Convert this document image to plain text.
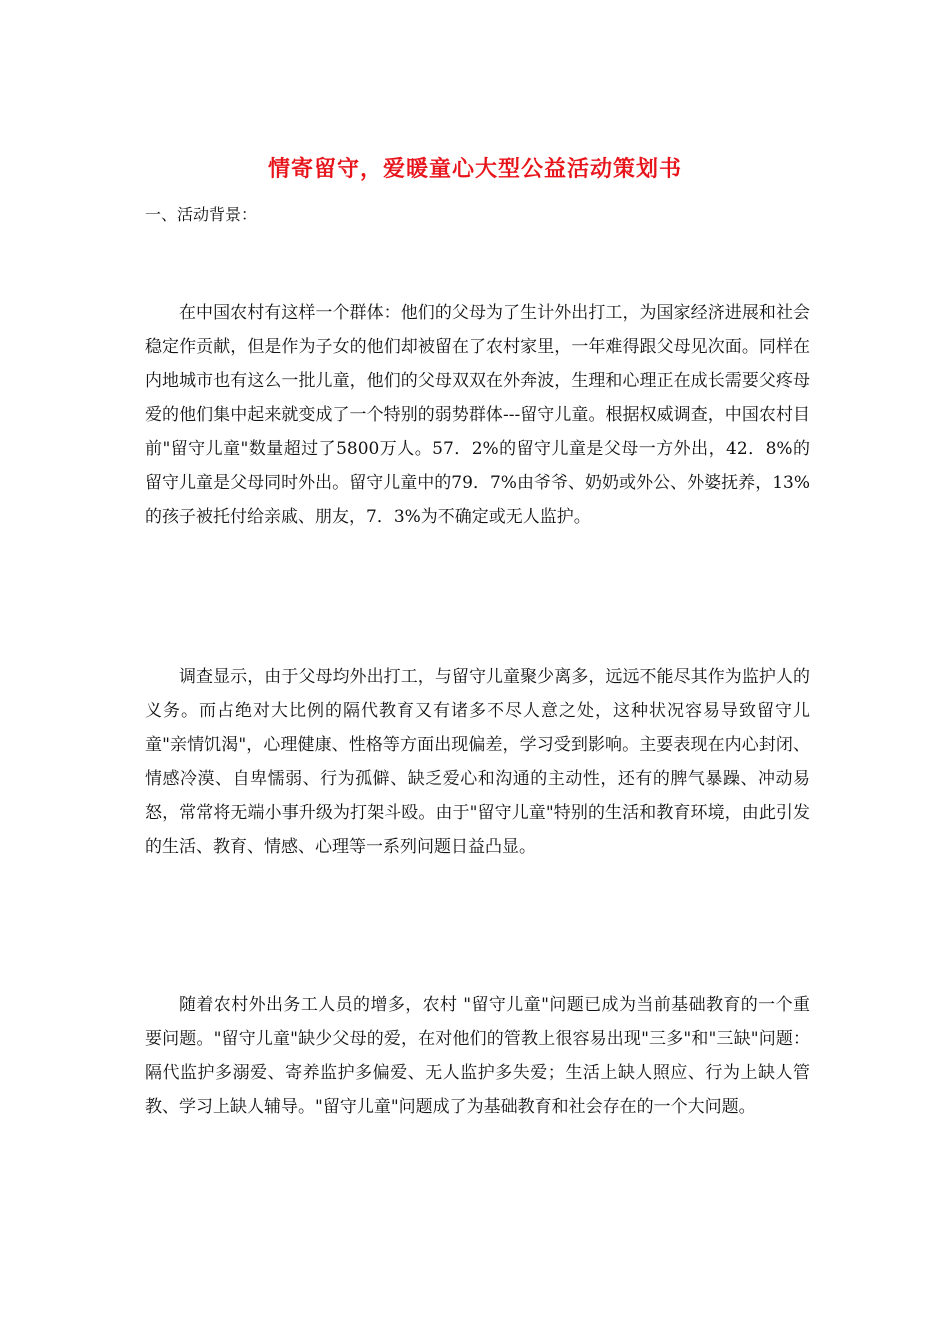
情寄留守，爱暖童心大型公益活动策划书
一、活动背景：

在中国农村有这样一个群体：他们的父母为了生计外出打工，为国家经济进展和社会稳定作贡献，但是作为子女的他们却被留在了农村家里，一年难得跟父母见次面。同样在内地城市也有这么一批儿童，他们的父母双双在外奔波，生理和心理正在成长需要父疼母爱的他们集中起来就变成了一个特别的弱势群体---留守儿童。根据权威调查，中国农村目前"留守儿童"数量超过了5800万人。57．2%的留守儿童是父母一方外出，42．8%的留守儿童是父母同时外出。留守儿童中的79．7%由爷爷、奶奶或外公、外婆抚养，13%的孩子被托付给亲戚、朋友，7．3%为不确定或无人监护。

调查显示，由于父母均外出打工，与留守儿童聚少离多，远远不能尽其作为监护人的义务。而占绝对大比例的隔代教育又有诸多不尽人意之处，这种状况容易导致留守儿童"亲情饥渴"，心理健康、性格等方面出现偏差，学习受到影响。主要表现在内心封闭、情感冷漠、自卑懦弱、行为孤僻、缺乏爱心和沟通的主动性，还有的脾气暴躁、冲动易怒，常常将无端小事升级为打架斗殴。由于"留守儿童"特别的生活和教育环境，由此引发的生活、教育、情感、心理等一系列问题日益凸显。

随着农村外出务工人员的增多，农村 "留守儿童"问题已成为当前基础教育的一个重要问题。"留守儿童"缺少父母的爱，在对他们的管教上很容易出现"三多"和"三缺"问题：隔代监护多溺爱、寄养监护多偏爱、无人监护多失爱；生活上缺人照应、行为上缺人管教、学习上缺人辅导。"留守儿童"问题成了为基础教育和社会存在的一个大问题。
